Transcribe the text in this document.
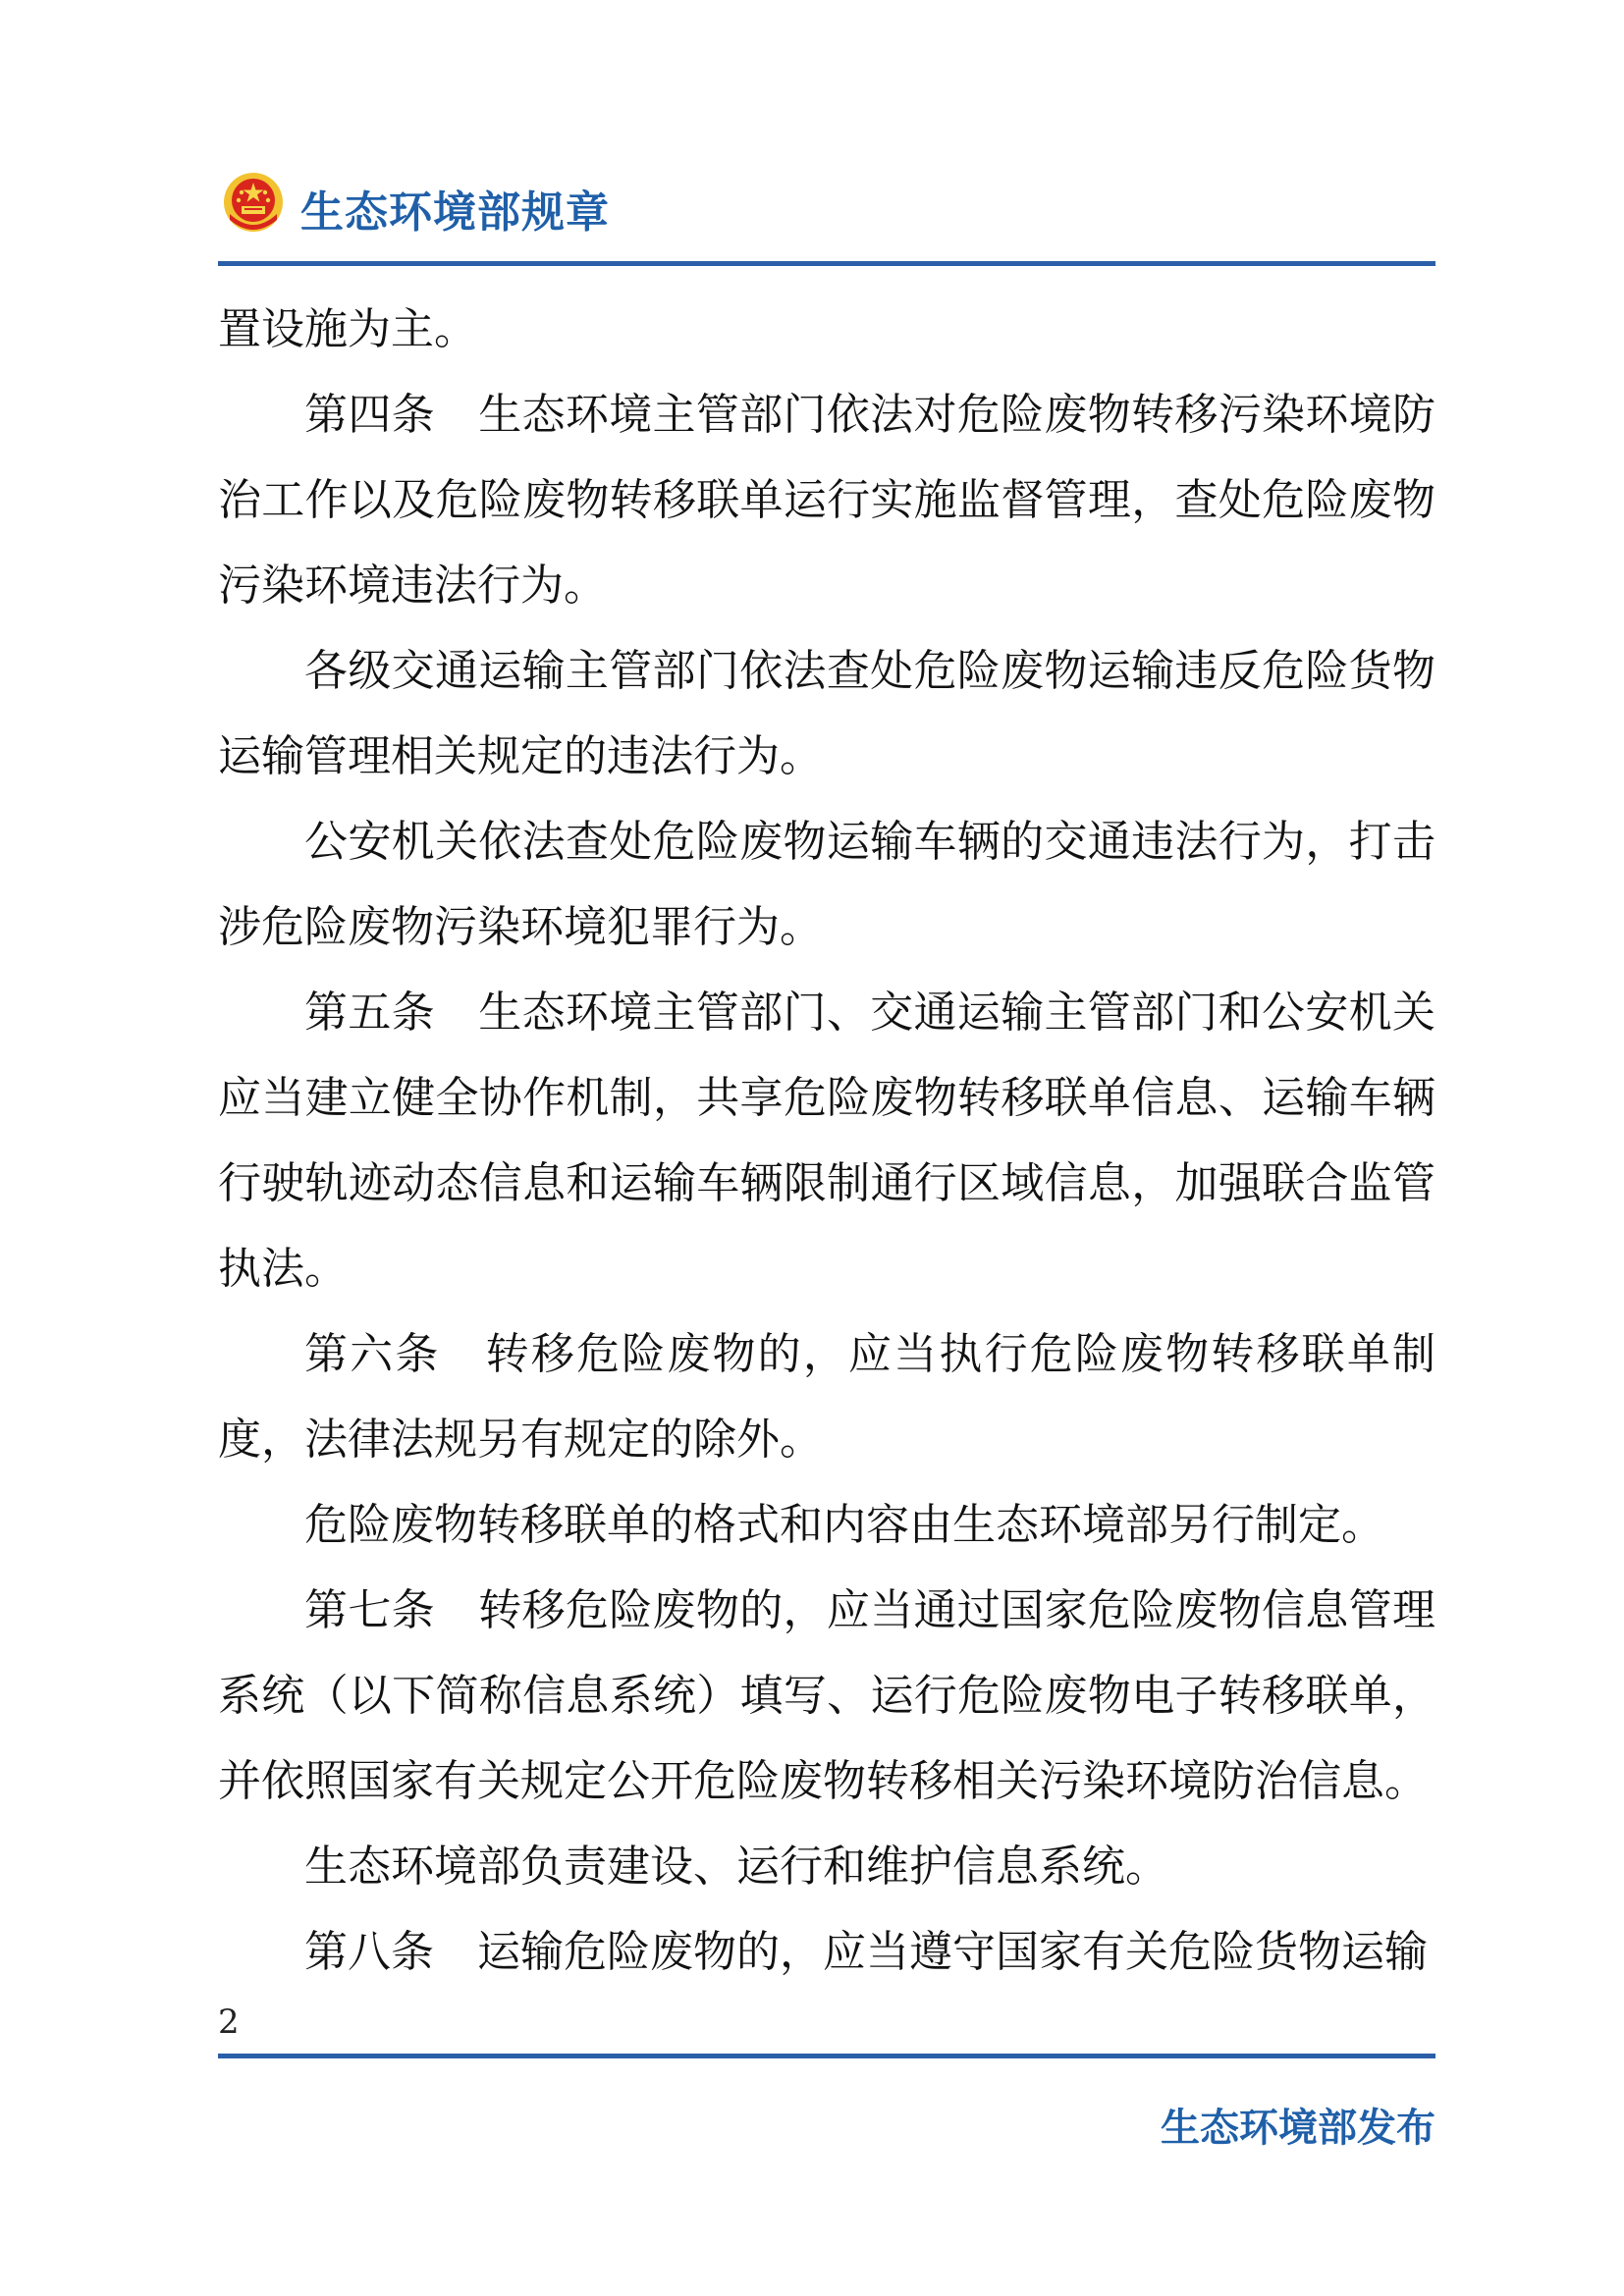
生态环境部规章

置设施为主。

第四条　生态环境主管部门依法对危险废物转移污染环境防治工作以及危险废物转移联单运行实施监督管理，查处危险废物污染环境违法行为。

各级交通运输主管部门依法查处危险废物运输违反危险货物运输管理相关规定的违法行为。

公安机关依法查处危险废物运输车辆的交通违法行为，打击涉危险废物污染环境犯罪行为。

第五条　生态环境主管部门、交通运输主管部门和公安机关应当建立健全协作机制，共享危险废物转移联单信息、运输车辆行驶轨迹动态信息和运输车辆限制通行区域信息，加强联合监管执法。

第六条　转移危险废物的，应当执行危险废物转移联单制度，法律法规另有规定的除外。

危险废物转移联单的格式和内容由生态环境部另行制定。

第七条　转移危险废物的，应当通过国家危险废物信息管理系统（以下简称信息系统）填写、运行危险废物电子转移联单，并依照国家有关规定公开危险废物转移相关污染环境防治信息。

生态环境部负责建设、运行和维护信息系统。

第八条　运输危险废物的，应当遵守国家有关危险货物运输

2
生态环境部发布
